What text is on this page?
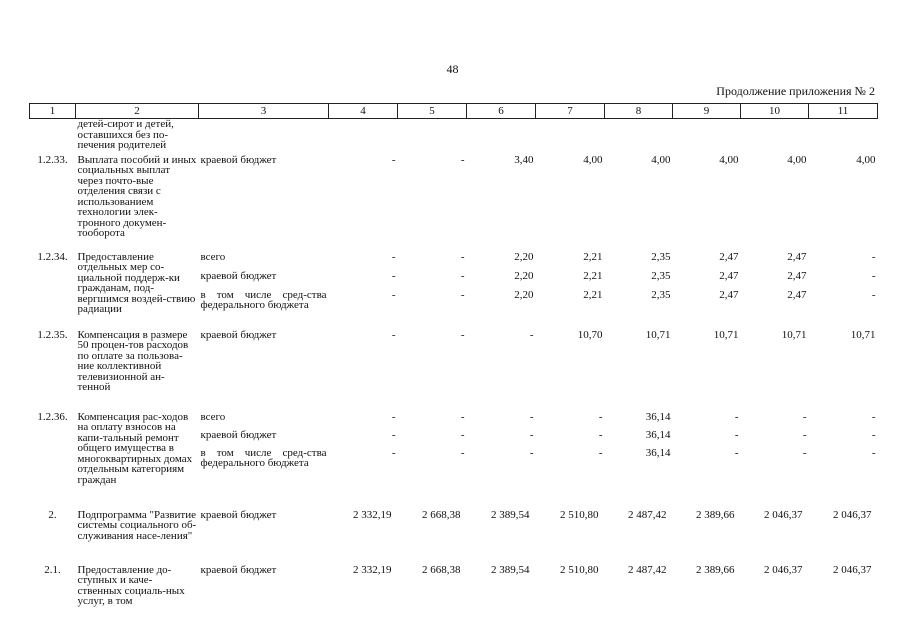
48
Продолжение приложения № 2
1	2	3	4	5	6	7	8	9	10	11
	детей-сирот и детей, оставшихся без по-печения родителей									
1.2.33.	Выплата пособий и иных социальных выплат через почто-вые отделения связи с использованием технологии элек-тронного докумен-тооборота	краевой бюджет	-	-	3,40	4,00	4,00	4,00	4,00	4,00
1.2.34.	Предоставление отдельных мер со-циальной поддерж-ки гражданам, под-вергшимся воздей-ствию радиации	всего	-	-	2,20	2,21	2,35	2,47	2,47	-
		краевой бюджет	-	-	2,20	2,21	2,35	2,47	2,47	-
		в том числе сред-ства федерального бюджета	-	-	2,20	2,21	2,35	2,47	2,47	-
1.2.35.	Компенсация в размере 50 процен-тов расходов по оплате за пользова-ние коллективной телевизионной ан-тенной	краевой бюджет	-	-	-	10,70	10,71	10,71	10,71	10,71
1.2.36.	Компенсация рас-ходов на оплату взносов на капи-тальный ремонт общего имущества в многоквартирных домах отдельным категориям граждан	всего	-	-	-	-	36,14	-	-	-
		краевой бюджет	-	-	-	-	36,14	-	-	-
		в том числе сред-ства федерального бюджета	-	-	-	-	36,14	-	-	-
2.	Подпрограмма "Развитие системы социального об-служивания насе-ления"	краевой бюджет	2 332,19	2 668,38	2 389,54	2 510,80	2 487,42	2 389,66	2 046,37	2 046,37
2.1.	Предоставление до-ступных и каче-ственных социаль-ных услуг, в том	краевой бюджет	2 332,19	2 668,38	2 389,54	2 510,80	2 487,42	2 389,66	2 046,37	2 046,37
